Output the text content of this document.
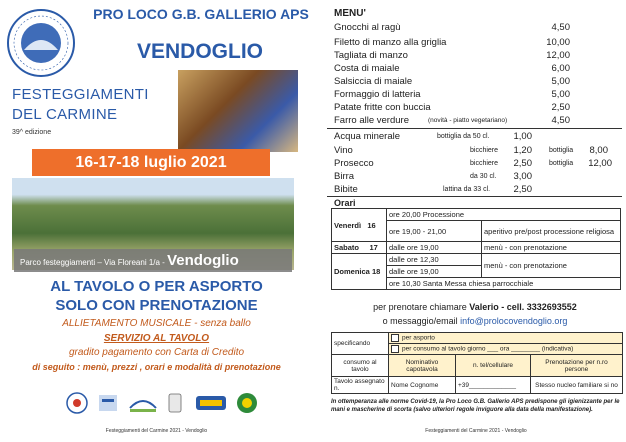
PRO LOCO G.B. GALLERIO APS
VENDOGLIO
FESTEGGIAMENTI
DEL CARMINE
39^ edizione
16-17-18 luglio 2021
Parco festeggiamenti – Via Floreani 1/a - Vendoglio
AL TAVOLO O PER ASPORTO
SOLO CON PRENOTAZIONE
ALLIETAMENTO MUSICALE - senza ballo
SERVIZIO AL TAVOLO
gradito pagamento con Carta di Credito
di seguito : menù, prezzi , orari e modalità di prenotazione
Festeggiamenti del Carmine 2021 - Vendoglio
MENU'
Gnocchi al ragù	4,50
Filetto di manzo alla griglia	10,00
Tagliata di manzo	12,00
Costa di maiale	6,00
Salsiccia di maiale	5,00
Formaggio di latteria	5,00
Patate fritte con buccia	2,50
Farro alle verdure	(novità - piatto vegetariano)	4,50
Acqua minerale	bottiglia da 50 cl.	1,00
Vino	bicchiere	1,20 bottiglia	8,00
Prosecco	bicchiere	2,50 bottiglia 12,00
Birra	da 30 cl.	3,00
Bibite	lattina da 33 cl.	2,50
Orari
Venerdì 16	ore 20,00 Processione	
	ore 19,00 - 21,00	aperitivo pre/post processione religiosa
Sabato 17	dalle ore 19,00	menù - con prenotazione
Domenica 18	dalle ore 12,30	menù - con prenotazione
	dalle ore 19,00	
	ore 10,30 Santa Messa chiesa parrocchiale	
per prenotare chiamare Valerio - cell. 3332693552
o messaggio/email info@prolocovendoglio.org
specificando	per asporto		
	per consumo al tavolo giorno ___ ora ________ (indicativa)		
consumo al tavolo	Nominativo capotavola	n. tel/cellulare	Prenotazione per n.ro persone
Tavolo assegnato n.	Nome Cognome	+39_____________	Stesso nucleo familiare si no
In ottemperanza alle norme Covid-19, la Pro Loco G.B. Gallerio APS predispone gli igienizzante per le mani e mascherine di scorta (salvo ulteriori regole inviguore alla data della manifestazione).
Festeggiamenti del Carmine 2021 - Vendoglio
